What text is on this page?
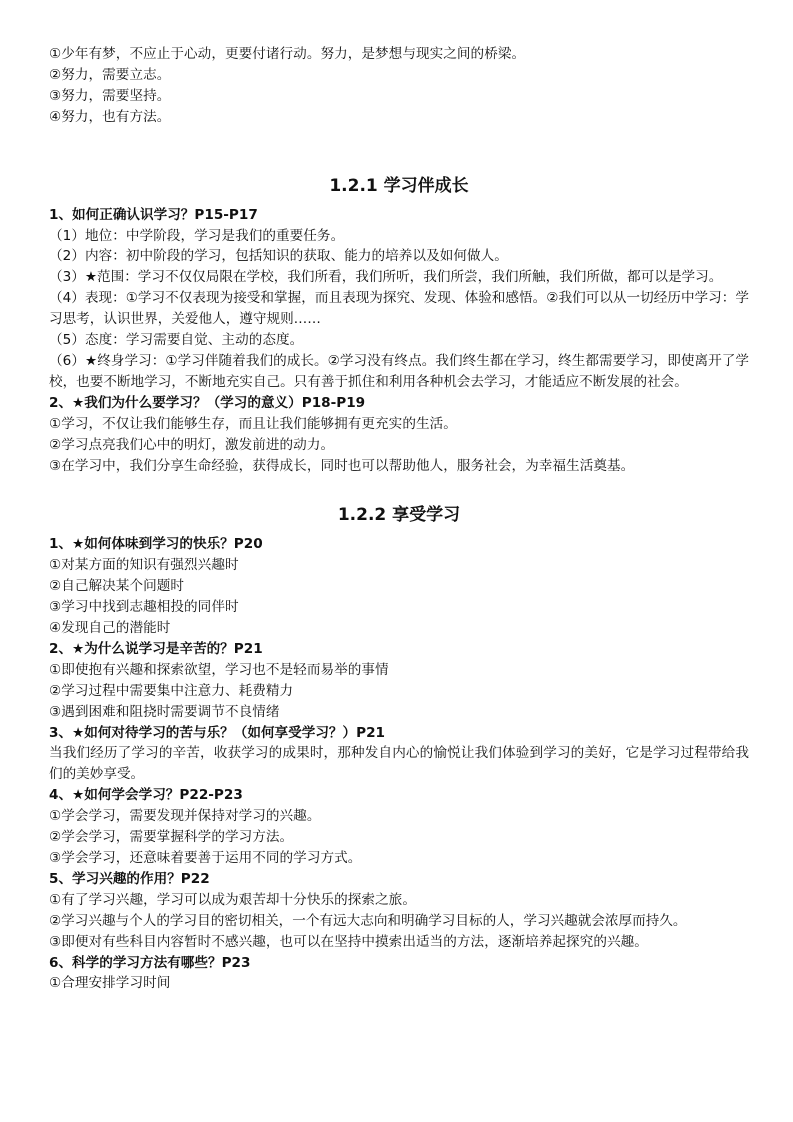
①少年有梦，不应止于心动，更要付诸行动。努力，是梦想与现实之间的桥梁。
②努力，需要立志。
③努力，需要坚持。
④努力，也有方法。
1.2.1 学习伴成长
1、如何正确认识学习？P15-P17
（1）地位：中学阶段，学习是我们的重要任务。
（2）内容：初中阶段的学习，包括知识的获取、能力的培养以及如何做人。
（3）★范围：学习不仅仅局限在学校，我们所看，我们所听，我们所尝，我们所触，我们所做，都可以是学习。
（4）表现：①学习不仅表现为接受和掌握，而且表现为探究、发现、体验和感悟。②我们可以从一切经历中学习：学习思考，认识世界，关爱他人，遵守规则……
（5）态度：学习需要自觉、主动的态度。
（6）★终身学习：①学习伴随着我们的成长。②学习没有终点。我们终生都在学习，终生都需要学习，即使离开了学校，也要不断地学习，不断地充实自己。只有善于抓住和利用各种机会去学习，才能适应不断发展的社会。
2、★我们为什么要学习？（学习的意义）P18-P19
①学习，不仅让我们能够生存，而且让我们能够拥有更充实的生活。
②学习点亮我们心中的明灯，激发前进的动力。
③在学习中，我们分享生命经验，获得成长，同时也可以帮助他人，服务社会，为幸福生活奠基。
1.2.2 享受学习
1、★如何体味到学习的快乐？P20
①对某方面的知识有强烈兴趣时
②自己解决某个问题时
③学习中找到志趣相投的同伴时
④发现自己的潜能时
2、★为什么说学习是辛苦的？P21
①即使抱有兴趣和探索欲望，学习也不是轻而易举的事情
②学习过程中需要集中注意力、耗费精力
③遇到困难和阻挠时需要调节不良情绪
3、★如何对待学习的苦与乐？（如何享受学习？）P21
当我们经历了学习的辛苦，收获学习的成果时，那种发自内心的愉悦让我们体验到学习的美好，它是学习过程带给我们的美妙享受。
4、★如何学会学习？P22-P23
①学会学习，需要发现并保持对学习的兴趣。
②学会学习，需要掌握科学的学习方法。
③学会学习，还意味着要善于运用不同的学习方式。
5、学习兴趣的作用？P22
①有了学习兴趣，学习可以成为艰苦却十分快乐的探索之旅。
②学习兴趣与个人的学习目的密切相关，一个有远大志向和明确学习目标的人，学习兴趣就会浓厚而持久。
③即便对有些科目内容暂时不感兴趣，也可以在坚持中摸索出适当的方法，逐渐培养起探究的兴趣。
6、科学的学习方法有哪些？P23
①合理安排学习时间
